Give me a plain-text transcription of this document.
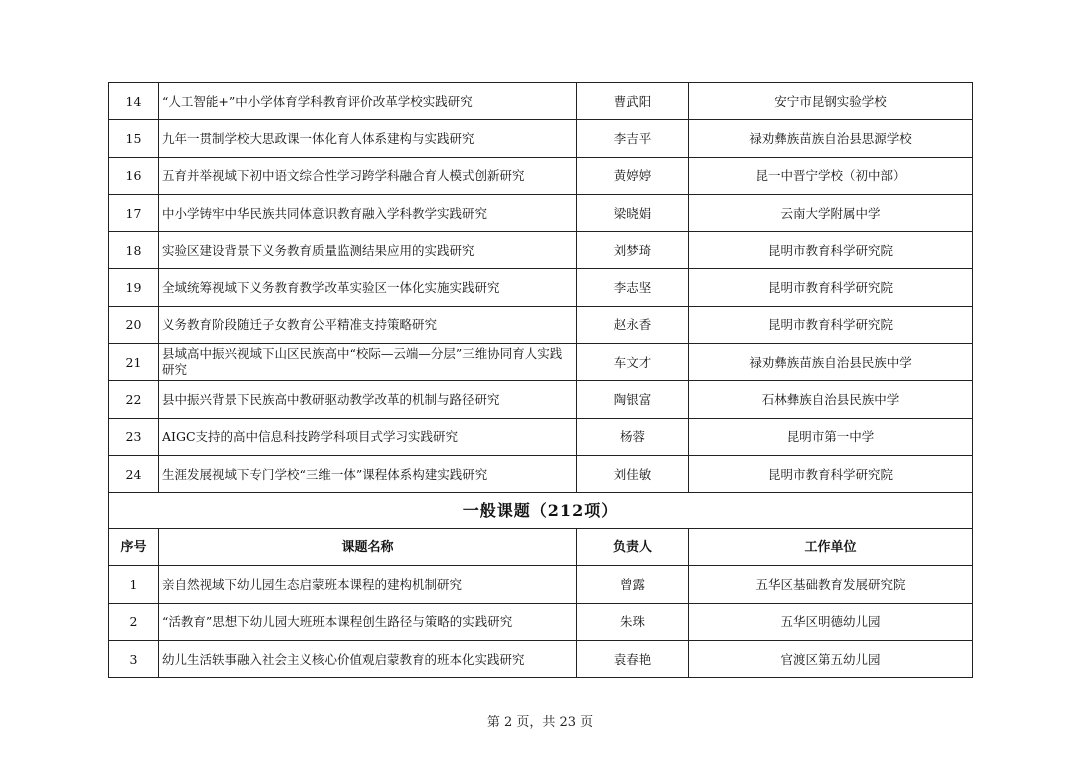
14	“人工智能+”中小学体育学科教育评价改革学校实践研究	曹武阳	安宁市昆钢实验学校
15	九年一贯制学校大思政课一体化育人体系建构与实践研究	李吉平	禄劝彝族苗族自治县思源学校
16	五育并举视域下初中语文综合性学习跨学科融合育人模式创新研究	黄婷婷	昆一中晋宁学校（初中部）
17	中小学铸牢中华民族共同体意识教育融入学科教学实践研究	梁晓娟	云南大学附属中学
18	实验区建设背景下义务教育质量监测结果应用的实践研究	刘梦琦	昆明市教育科学研究院
19	全域统筹视域下义务教育教学改革实验区一体化实施实践研究	李志坚	昆明市教育科学研究院
20	义务教育阶段随迁子女教育公平精准支持策略研究	赵永香	昆明市教育科学研究院
21	县域高中振兴视域下山区民族高中“校际—云端—分层”三维协同育人实践研究	车文才	禄劝彝族苗族自治县民族中学
22	县中振兴背景下民族高中教研驱动教学改革的机制与路径研究	陶银富	石林彝族自治县民族中学
23	AIGC支持的高中信息科技跨学科项目式学习实践研究	杨蓉	昆明市第一中学
24	生涯发展视域下专门学校“三维一体”课程体系构建实践研究	刘佳敏	昆明市教育科学研究院
一般课题（212项）			
序号	课题名称	负责人	工作单位
1	亲自然视域下幼儿园生态启蒙班本课程的建构机制研究	曾露	五华区基础教育发展研究院
2	“活教育”思想下幼儿园大班班本课程创生路径与策略的实践研究	朱珠	五华区明德幼儿园
3	幼儿生活轶事融入社会主义核心价值观启蒙教育的班本化实践研究	袁春艳	官渡区第五幼儿园
第 2 页，共 23 页
